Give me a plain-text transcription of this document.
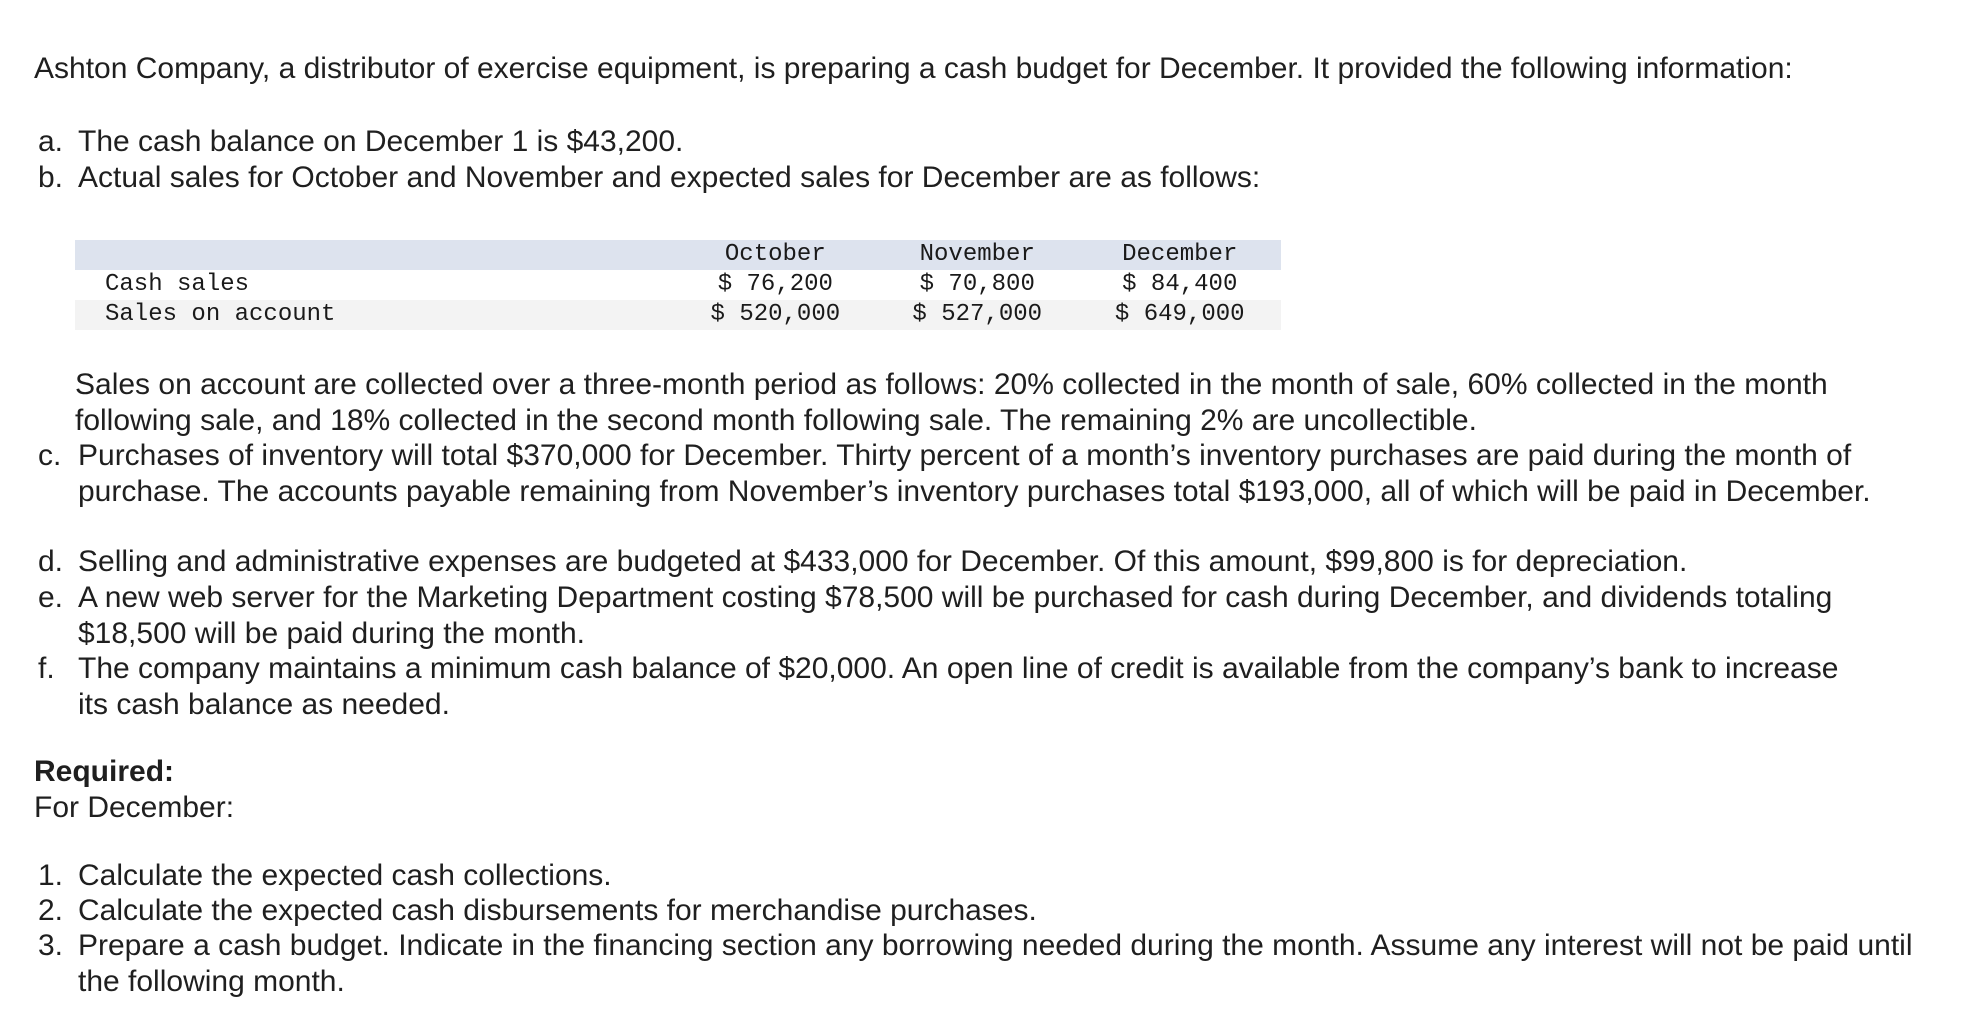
Ashton Company, a distributor of exercise equipment, is preparing a cash budget for December. It provided the following information:

a. The cash balance on December 1 is $43,200.
b. Actual sales for October and November and expected sales for December are as follows:
	October	November	December
Cash sales	$ 76,200	$ 70,800	$ 84,400
Sales on account	$ 520,000	$ 527,000	$ 649,000

Sales on account are collected over a three-month period as follows: 20% collected in the month of sale, 60% collected in the month following sale, and 18% collected in the second month following sale. The remaining 2% are uncollectible.

c. Purchases of inventory will total $370,000 for December. Thirty percent of a month’s inventory purchases are paid during the month of purchase. The accounts payable remaining from November’s inventory purchases total $193,000, all of which will be paid in December.
d. Selling and administrative expenses are budgeted at $433,000 for December. Of this amount, $99,800 is for depreciation.
e. A new web server for the Marketing Department costing $78,500 will be purchased for cash during December, and dividends totaling $18,500 will be paid during the month.
f. The company maintains a minimum cash balance of $20,000. An open line of credit is available from the company’s bank to increase its cash balance as needed.

Required:

For December:

1. Calculate the expected cash collections.
2. Calculate the expected cash disbursements for merchandise purchases.
3. Prepare a cash budget. Indicate in the financing section any borrowing needed during the month. Assume any interest will not be paid until the following month.
